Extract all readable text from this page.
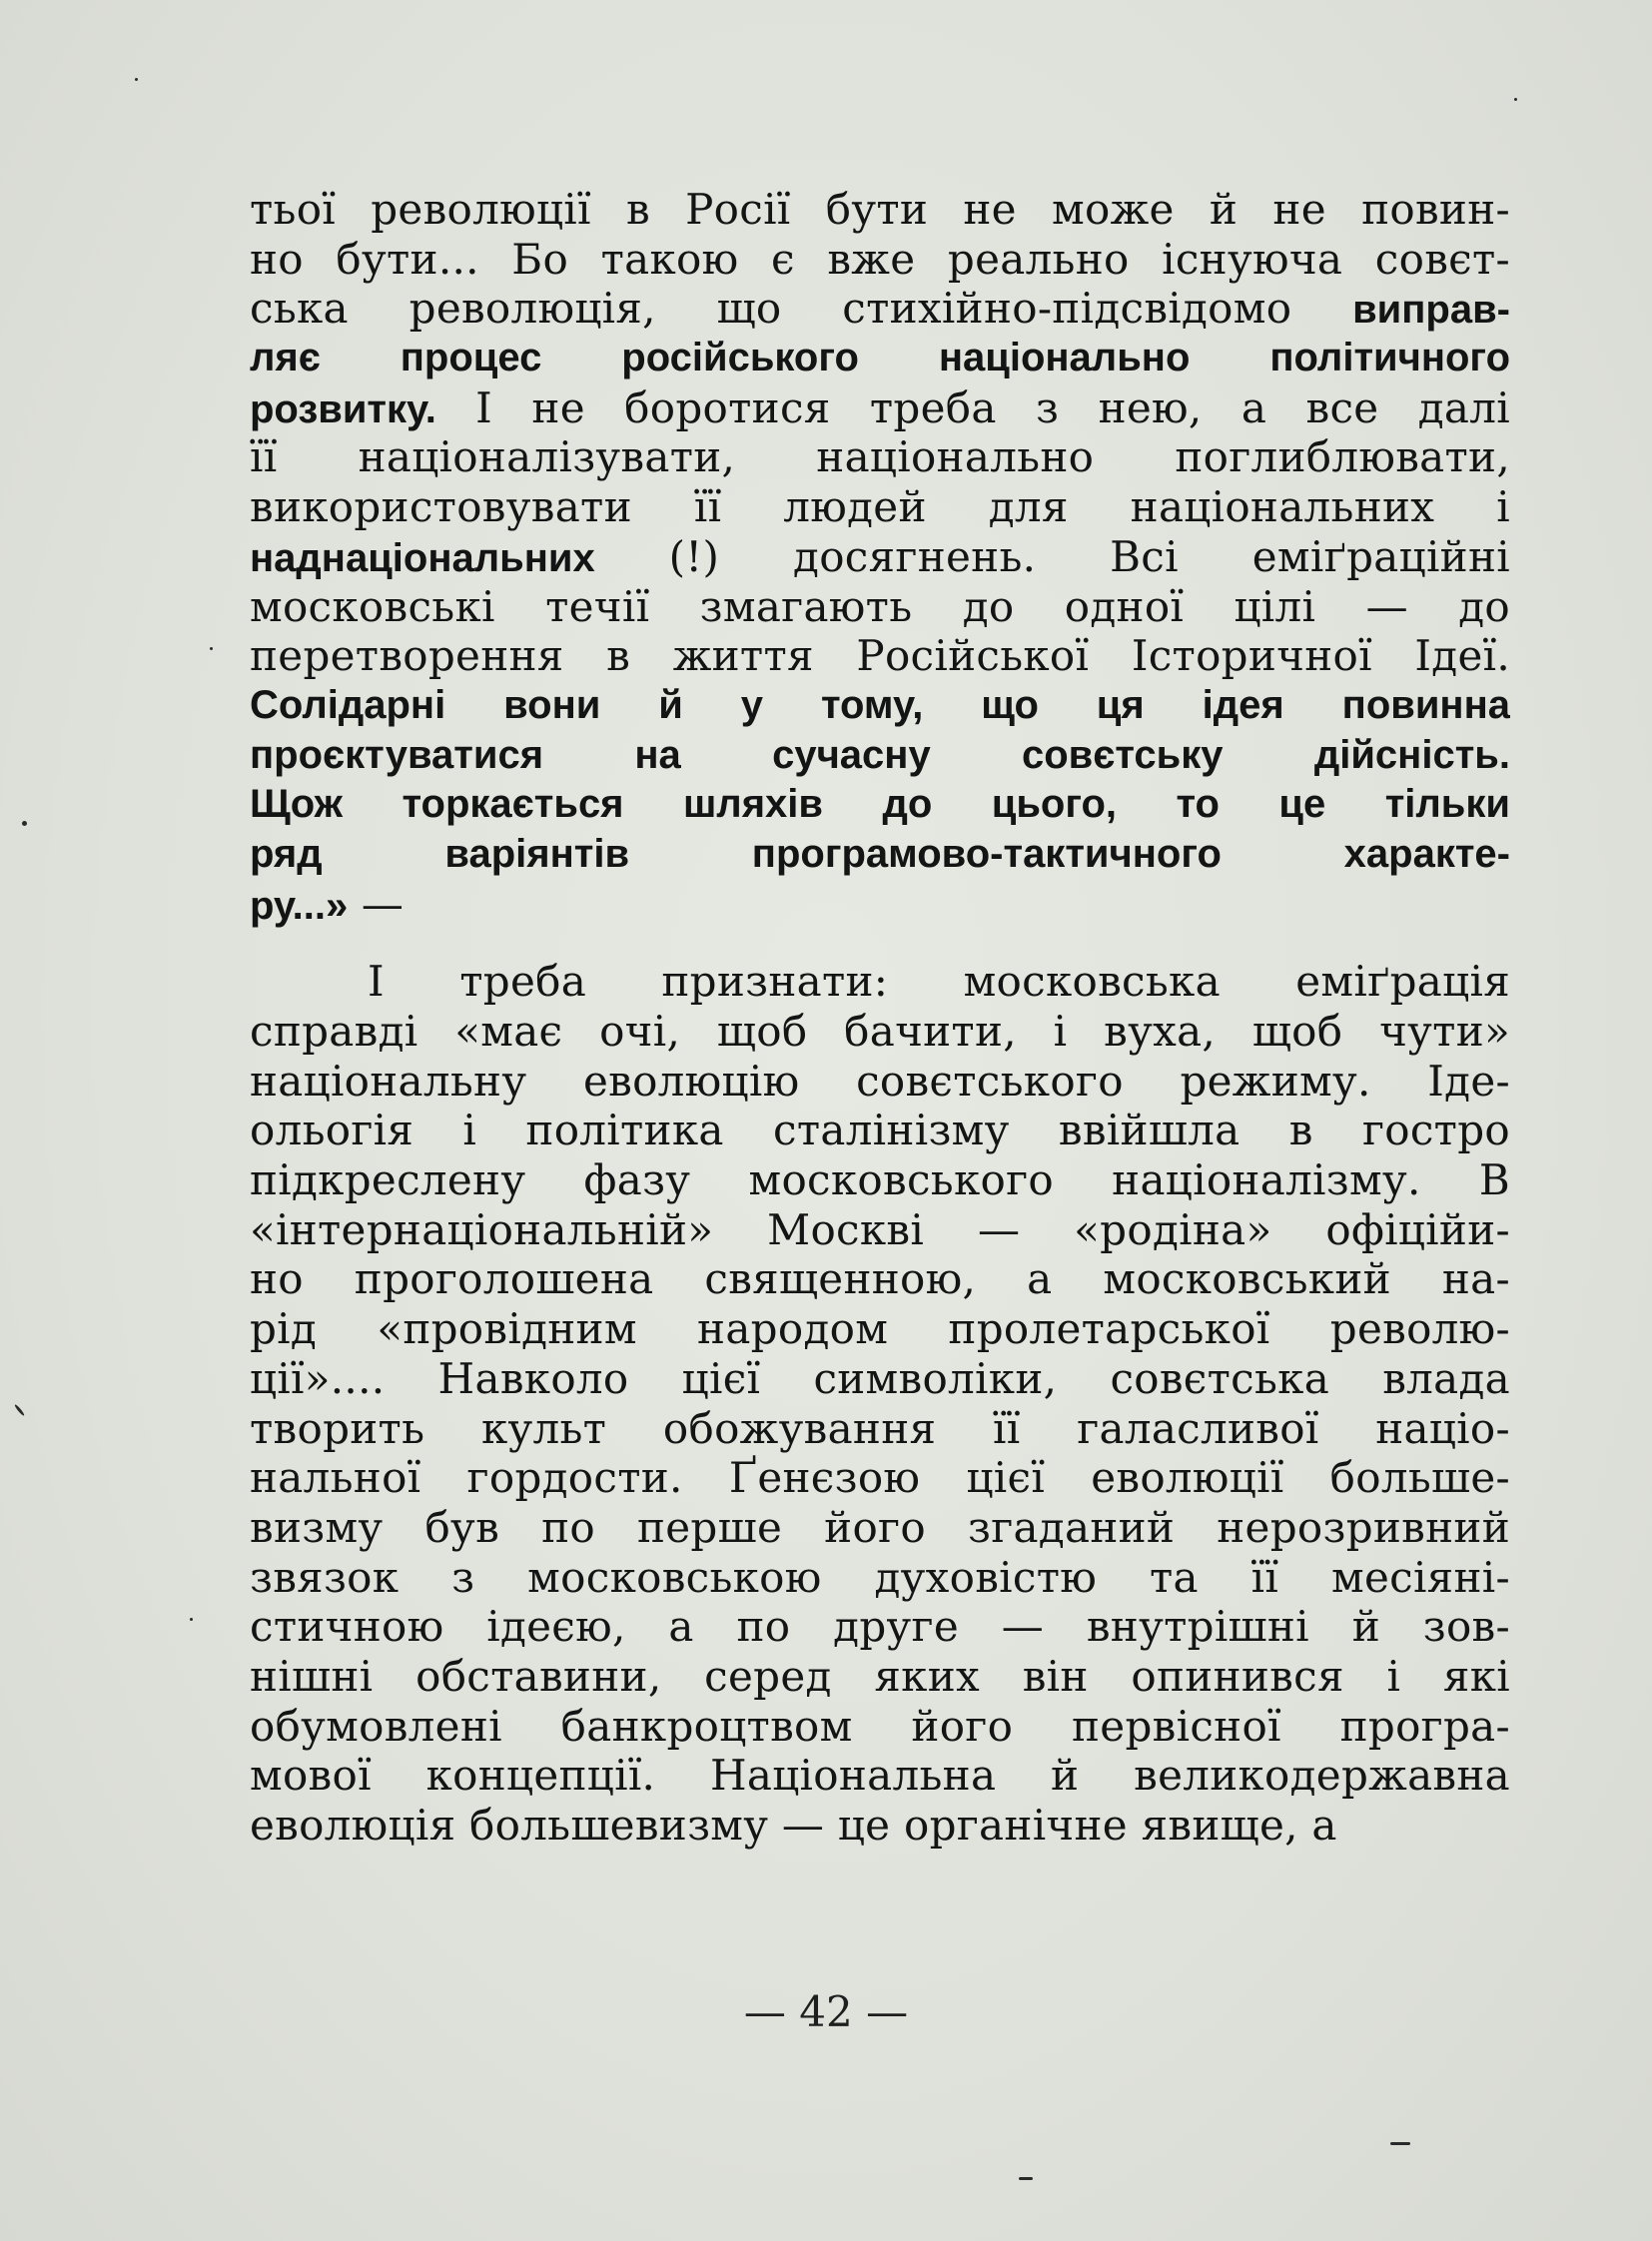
тьої революції в Росії бути не може й не повин-
но бути... Бо такою є вже реально існуюча совєт-
ська революція, що стихійно-підсвідомо виправ-
ляє процес російського національно політичного
розвитку. І не боротися треба з нею, а все далі
її націоналізувати, національно поглиблювати,
використовувати її людей для національних і
наднаціональних (!) досягнень. Всі еміґраційні
московські течії змагають до одної цілі — до
перетворення в життя Російської Історичної Ідеї.
Солідарні вони й у тому, що ця ідея повинна
проєктуватися на сучасну совєтську дійсність.
Щож торкається шляхів до цього, то це тільки
ряд варіянтів програмово-тактичного характе-
ру...» —
І треба признати: московська еміґрація
справді «має очі, щоб бачити, і вуха, щоб чути»
національну еволюцію совєтського режиму. Іде-
ольогія і політика сталінізму ввійшла в гостро
підкреслену фазу московського націоналізму. В
«інтернаціональній» Москві — «родіна» офіційи-
но проголошена священною, а московський на-
рід «провідним народом пролетарської револю-
ції».... Навколо цієї символіки, совєтська влада
творить культ обожування її галасливої націо-
нальної гордости. Ґенєзою цієї еволюції больше-
визму був по перше його згаданий нерозривний
звязок з московською духовістю та її месіяні-
стичною ідеєю, а по друге — внутрішні й зов-
нішні обставини, серед яких він опинився і які
обумовлені банкроцтвом його первісної програ-
мової концепції. Національна й великодержавна
еволюція большевизму — це органічне явище, а
— 42 —
